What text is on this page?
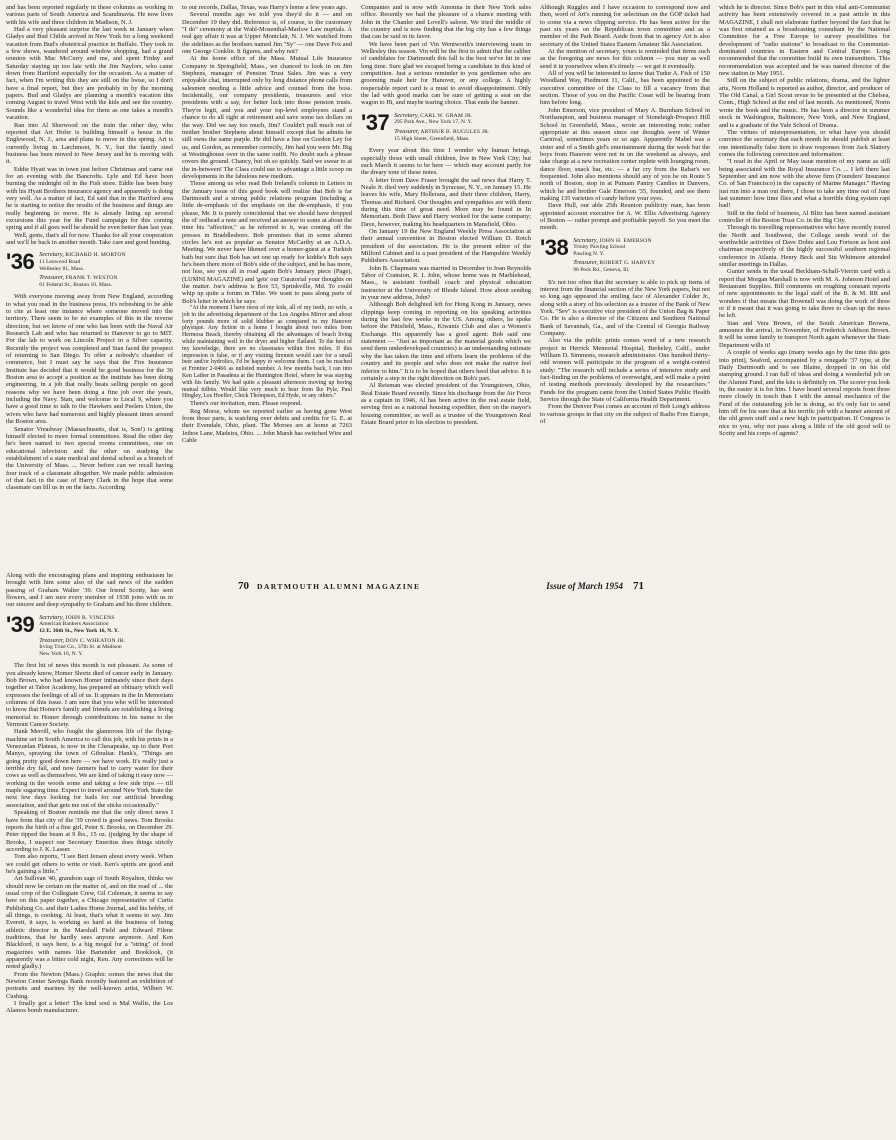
and has been reported regularly in these columns as working in various parts of South America and Scandinavia. He now lives with his wife and three children in Madison, N. J.

Had a very pleasant surprise the last week in January when Gladys and Bud Childs arrived in New York for a long weekend vacation from Bud's obstetrical practice in Buffalo. They took in a few shows, wandered around window shopping, had a grand reunion with Mac McCurry and me, and spent Friday and Saturday staying up too late with the Jim Naylors, who came down from Hartford especially for the occasion. As a matter of fact, when I'm writing this they are still on the loose, so I don't have a final report, but they are probably in by the morning papers. Bud and Gladys are planning a month's vacation this coming August to travel West with the kids and see the country. Sounds like a wonderful idea for them as one takes a month's vacation.

Ran into Al Sherwood on the train the other day, who reported that Art Hofer is building himself a house in the Englewood, N. J., area and plans to move in this spring. Art is currently living in Larchmont, N. Y., but the family steel business has been moved to New Jersey and he is moving with it.

Eddie Hyatt was in town just before Christmas and came out for an evening with the Bancrofts. Lyle and Ed have been burning the midnight oil in the Fish store. Eddie has been busy with his Hyatt Brothers insurance agency and apparently is doing very well. As a matter of fact, Ed said that in the Hartford area he is starting to notice the results of the business and things are really beginning to move. He is already lining up several excursions this year for the Fund campaign for this coming spring and if all goes well he should be even better than last year.

Well, gents, that's all for now. Thanks for all your cooperation and we'll be back in another month. Take care and good hunting.

'36 Secretary, RICHARD H. MORTON
11 Lenwood Road
Wellesley 81, Mass.
Treasurer, FRANK T. WESTON
61 Federal St., Boston 10, Mass.

With everyone moving away from New England, according to what you read in the business press, it's refreshing to be able to cite at least one instance where someone moved into the territory. There seem to be no examples of this in the reverse direction, but we know of one who has been with the Naval Air Research Lab and who has returned to Hanover to go to MIT. For the lab to work on Lincoln Project in a Silver capacity. Recently the project was completed and Stan faced the prospect of returning to San Diego. To offer a nobody's chamber of commerce, but I must say he says that the Fire Insurance Institute has decided that it would be good business for the 36 Boston area to accept a position as the institute has been doing engineering, in a job that really beats selling people on good reasons why we have been doing a fine job over the years, including the Navy. Stan, and welcome to Local 9, where you have a good time to talk to the Hawkers and Peelers Union, the wives who have had numerous and highly pleasant times around the Boston area.

Senator Vreadway (Massachusetts, that is, Son!) is getting himself elected to more formal committees. Read the other day he's been named to two special rooms committees, one on educational television and the other on studying the establishment of a state medical and dental school as a branch of the University of Mass. ... Never before can we recall having four track of a classmate altogether. We made public admission of that fact in the case of Harry Clark in the hope that some classmate can fill us in on the facts. According

to our records, Dallas, Texas, was Harry's home a few years ago.

Several months ago we told you they'd do it — and on December 19 they did. Reference is, of course, to the customary "I do" ceremony at the Wahl-Mosenthal-Marlow Law nuptials. A real gay affair it was at Upper Montclair, N. J. We watched from the sidelines as the brothers named Jim "Sy" — one Dave Fox and one George Conklin. It figures, and why not?

At the home office of the Mass. Mutual Life Insurance Company in Springfield, Mass., we chanced to look in on Jim Stephens, manager of Pension Trust Sales. Jim was a very enjoyable chat, interrupted only by long distance phone calls from salesmen needing a little advice and counsel from the boss. Incidentally, our company presidents, treasurers and vice presidents with a say, for better luck into those pension trusts. They're legit, and you and your top-level employees stand a chance to do all right at retirement and save some tax dollars on the way. Did we say too much, Jim? Couldn't pull much out of mother brother Stephens about himself except that he admits he still owns the same purple. He did have a line on Gordon Ley for us, and Gordon, as remember correctly, Jim had you were Mr. Big at Westinghouse over in the same outfit. No doubt such a phrase covers the ground. Chancy, but oh so quickly. Said we swear to at the in-between! The Class could use to advantage a little scoop on developments in the fabulous new medium.

Those among us who read Bob Ireland's column in Letters in the January issue of this good book will realize that Bob is far Dartmouth and a strong public relations program (including a little de-emphasis of the emphasis on the de-emphasis, if you please, Mr. It is purely coincidental that we should have dropped the ol' redhead a note and received an answer to some at about the time his "affection," as he referred to it, was coming off the presses in Braddlesboro. Bob promises that in some alumni circles he's not as popular as Senator McCarthy at an A.D.A. Meeting. We never have likened over a homer-guest at a Turkish bath but sure that Bob has set one up ready for kiddie's Bob says he's been there more of Bob's side of the subject, and he has more, not less, see you all in road again Bob's January piece (Page), (LUMNI MAGAZINE) and 'gets' our Curatorial your thoughts on the matter. Joe's address is Box 53, Sprinkville, Md. To could whip up quite a forum in Tithe. We want to pass along parts of Bob's letter in which he says:

"At the moment I have most of my kids, all of my teeth, no wife, a job in the advertising department of the Los Angeles Mirror and about forty pounds more of solid blubber as compared to my Hanover physique. Any fiction in a home I bought about two miles from Hermosa Beach, thereby obtaining all the advantages of beach living while maintaining well in the dryer and higher flatland. To the best of my knowledge, there are no classmates within five miles. If this impression is false, or if any visiting firemen would care for a small beer and/or hydrolics, I'd be happy to welcome them. I can be reached at Frontier 2-0466 as unlisted number. A few months back, I ran into Ken Lather in Pasadena at the Huntington Hotel, where he was staying with his family. We had quite a pleasant afternoon moving up boring mutual tidbits. Would like very much to hear from Ike Pyle, Paul Hingley, Les Hoeffer, Chick Thompson, Ed Hyde, or any others."

There's our invitation, men. Please respond.

Reg Morse, whom we reported earlier as having gone West from those parts, is watching over debits and credits for G. E. at their Evendale, Ohio, plant. The Morses are at home at 7263 Jethoe Lane, Madeira, Ohio. ... John Marsh has switched Wire and Cable

Companies and is now with Amomia in their New York sales office. Recently we had the pleasure of a chance meeting with John in the Chanler and Lovell's saloon. We tried the middle of the country and is now finding that the big city has a few things that can be said in its favor.

We have been part of Vin Wentworth's interviewing team in Wellesley this season. Vin will be the first to admit that the caliber of candidates for Dartmouth this fall is the best we've hit in one long time. Sure glad we escaped being a candidate in this kind of competition. Just a serious reminder to you gentlemen who are grooming male heir for Hanover, or any college. A highly respectable report card is a must to avoid disappointment. Only the lad with good marks can be sure of getting a seat on the wagon to Hi, and maybe tearing choice. That ends the banner.

'37 Secretary, CARL W. GRAM JR.
295 Park Ave., New York 17, N. Y.
Treasurer, ARTHUR B. RUGGLES JR.
15 High Street, Greenfield, Mass.

Every year about this time I wonder why human beings, especially those with small children, live in New York City; but each March it seems to be here — which may account partly for the dreary tone of these notes.

A letter from Dave Fraser brought the sad news that Harry T. Neale Jr. died very suddenly in Syracuse, N. Y., on January 15. He leaves his wife, Mary Hollerans, and their three children, Harry, Thomas and Richard. Our thoughts and sympathies are with them during this time of great need. More may be found in In Memoriam. Both Dave and Harry worked for the same company; Dave, however, making his headquarters in Mansfield, Ohio.

On January 19 the New England Weekly Press Association at their annual convention in Boston elected William D. Rotch president of the association. He is the present editor of the Milford Cabinet and is a past president of the Hampshire Weekly Publishers Association.

John B. Chapmans was married in December to Joan Reynolds Tabor of Cranston, R. I. John, whose home was in Marblehead, Mass., is assistant football coach and physical education instructor at the University of Rhode Island. How about sending in your new address, John?

Although Bob delighted left for Hong Kong in January, news clippings keep coming in reporting on his speaking activities during the last few weeks in the US. Among others, he spoke before the Pittsfield, Mass., Kiwanis Club and also a Women's Exchange. His apparently has a good agent: Bob said one statement — "Just as important as the material goods which we send them underdeveloped countries) is an understanding estimate why the has taken the time and efforts learn the problems of the country and its people and who does not make the native feel inferior to him." It is to be hoped that others heed that advice. It is certainly a step in the right direction on Bob's part.

Al Reisman was elected president of the Youngstown, Ohio, Real Estate Board recently. Since his discharge from the Air Force as a captain in 1946, Al has been active in the real estate field, serving first as a national housing expediter, then on the mayor's housing committee, as well as a trustee of the Youngstown Real Estate Board prior to his election to president.

Although Ruggles and I have occasion to correspond now and then, word of Art's running for selectman on the GOP ticket had to come via a news clipping service. He has been active for the past six years on the Republican town committee and as a member of the Park Board. Aside from that in agency Art is also secretary of the United States Eastern Amateur Ski Association.

At the mention of secretary, yours is reminded that items such as the foregoing are news for this column — you may as well send it in yourselves when it's timely — we get it eventually.

All of you will be interested to know that Tudor A. Fish of 150 Woodland Way, Piedmont 11, Calif., has been appointed to the executive committee of the Class to fill a vacancy from that section. Those of you on the Pacific Coast will be hearing from him before long.

John Emerson, vice president of Mary A. Burnham School in Northampton, and business manager of Stoneleigh-Prospect Hill School in Greenfield, Mass., wrote an interesting note; rather appropriate at this season since our thoughts were of Winter Carnival, sometimes years or so ago. Apparently Mabel was a sister and of a Smith girl's entertainment during the week but the boys from Hanover were not in on the weekend as always, and take charge at a new recreation center replete with lounging room, dance floor, snack bar, etc. — a far cry from the Rahar's we frequented. John also mentions should any of you be on Route 5 north of Boston, stop in at Putnam Pantry Candies in Danvers, which he and brother Gale Emerson '35, founded, and see them making 135 varieties of candy before your eyes.

Dave Hull, our able 25th Reunion publicity man, has been appointed account executive for A. W. Ellis Advertising Agency of Boston — rather prompt and profitable payoff. So you meet the month.

'38 Secretary, JOHN H. EMERSON
Trinity Pawling School
Pawling N. Y.
Treasurer, ROBERT G. HARVEY
98 Peck Rd., Geneva, Ill.

It's not too often that the secretary is able to pick up items of interest from the financial section of the New York papers, but not so long ago appeared the smiling face of Alexander Colder Jr., along with a story of his selection as a trustee of the Bank of New York. "Sev" is executive vice president of the Union Bag & Paper Co. He is also a director of the Citizens and Southern National Bank of Savannah, Ga., and of the Central of Georgia Railway Company.

Also via the public prints comes word of a new research project in Herrick Memorial Hospital, Berkeley, Calif., under William D. Simmons, research administrator. One hundred thirty-odd women will participate in the program of a weight-control study: "The research will include a series of intensive study and fact-finding on the problems of overweight, and will make a point of testing methods previously developed by the researchers." Funds for the program came from the United States Public Health Service through the State of California Health Department.

From the Denver Post comes an account of Bob Long's address to various groups in that city on the subject of Radio Free Europe, of

which he is director. Since Bob's part in this vital anti-Communist activity has been extensively covered in a past article in this MAGAZINE, I shall not elaborate further beyond the fact that he was first retained as a broadcasting consultant by the National Committee for a Free Europe to survey possibilities for development of "radio stations" to broadcast to the Communist-dominated countries in Eastern and Central Europe. Long recommended that the committee build its own transmitters. This recommendation was accepted and he was named director of the new station in May 1951.

Still on the subject of public relations, drama, and the lighter arts, Norm Holland is reported as author, director, and producer of The Old Canal, a Girl Scout revue to be presented at the Chelsea, Conn., High School at the end of last month. As mentioned, Norm wrote the book and the music. He has been a director in summer stock in Washington, Baltimore, New York, and New England, and is a graduate of the Yale School of Drama.

The virtues of misrepresentation, or what have you should convince the secretary that each month he should publish at least one intentionally false item to draw responses from Jack Slattery comes the following correction and information:

"I read in the April or May issue mention of my name as still being associated with the Royal Insurance Co. ... I left there last September and am now with the above firm (Founders' Insurance Co. of San Francisco) in the capacity of Marine Manager." Having just run into a man out there, I chose to take any time out of June last summer: how time flies and what a horrible thing system rapt had!

Still in the field of business, Al Blitz has been named assistant controller of the Boston Trust Co. in the Big City.

Through its travelling representatives who have recently toured the North and Southwest, the College sends word of the worthwhile activities of Dave Dobie and Lou Fortson as host and chairman respectively of the highly successful southern regional conference in Atlanta. Henry Beck and Stu Whitmore attended similar meetings in Dallas.

Gunter sends in the usual Beckham-Schall-Vierrin card with a report that Morgan Marshall is now with M. A. Johnson Hotel and Restaurant Supplies. Bill comments on roughing constant reports of new appointments to the legal staff of the B. & M. RR and wonders if that means that Brownell was doing the work of three or if it meant that it was going to take three to clean up the mess he left.

Stan and Vera Brown, of the South American Browns, announce the arrival, in November, of Frederick Addison Brown. It will be some family to transport North again whenever the State Department wills it!

A couple of weeks ago (many weeks ago by the time this gets into print), Seaford, accompanied by a renegade '37 type, at the Daily Dartmouth and to see Blaine, dropped in on his old stamping ground. I ran full of ideas and doing a wonderful job on the Alumni Fund, and the kits is definitely on. The scorer you look in, the easier it is for him. I have heard several reports from three more closely in touch than I with the annual mechanics of the Fund of the outstanding job he is doing, so it's only fair to send him off for his sure that at his terrific job with a banner amount of the old green stuff and a new high in participation. If Congress is nice to you, why not pass along a little of the old good will to Scotty and his corps of agents?

Along with the encouraging plans and inspiring enthusiasm he brought with him some also of the sad news of the sudden passing of Graham Walter '39. Our friend Scotty, has sent flowers, and I am sure every member of 1938 joins with us in our sincere and deep sympathy to Graham and his three children.

'39 Secretary, JOHN R. VINCENS
American Bankers Association
12 E. 36th St., New York 16, N. Y.
Treasurer, DON C. WHEATON JR.
Irving Trust Co., 37th St. at Madison
New York 16, N. Y.

The first hit of news this month is not pleasant. As some of you already know, Homer Shortz died of cancer early in January. Bob Brown, who had known Homer intimately since their days together at Tabor Academy, has prepared an obituary which well expresses the feelings of all of us. It appears in the In Memoriam columns of this issue. I am sure that you who will be interested to know that Homer's family and friends are establishing a living memorial to Homer through contributions in his name to the Vermont Cancer Society.

Hank Merrill, who fought the glamorous life of the flying-machine set in South America to call this job, with his prints in a Venezuelan Plateau, is now in the Chesapeake, up to their Port Manyo, spraying the town of Gibraltar. Hank's, "Things are going pretty good down here — we have work. It's really just a terrible dry fall, and now farmers had to carry water for their cows as well as themselves. We are kind of taking it easy now — working in the woods some and taking a few side trips — till maple sugaring time. Expect to travel around New York State the next few days looking for bails for our artificial breeding association, and that gets me out of the sticks occasionally."

Speaking of Boston reminds me that the only direct news I have from that city of the '39 crowd is good news. Tom Brooks reports the birth of a fine girl, Peter S. Brooks, on December 29. Peter tipped the beam at 9 lbs., 15 oz. (judging by the shape of Brooks, I suspect our Secretary Emeritus does things strictly according to J. K. Lasser.

Tom also reports, "I see Bert Jensen about every week. When we could get others to write or visit. Ken's spirits are good and he's gaining a little."

Art Sullivan '40, grandson sage of South Royalton, thinks we should now be certain on the matter of, and on the road of ... the usual crop of the Collegiate Crew, Gil Coleman, it seems to say here on this paper together, a Chicago representative of Curtis Publishing Co. and their Ladies Home Journal, and his hobby, of all things, is cooking. At least, that's what it seems to say. Jim Everett, it says, is working so hard at the business of being athletic director in the Marshall Field and Edward Filene traditions, that he hardly sees anyone anymore. And Ken Blackford, it says here, is a big mogul for a "string" of food magazines with names like Bartender and Booklook, (it apparently was a bitter cold night, Ken. Any corrections will be noted gladly.)

From the Newton (Mass.) Graphic comes the news that the Newton Center Savings Bank recently featured an exhibition of portraits and marines by the well-known artist, Wilbert W. Cushing.

I finally got a letter! The kind soul is Mal Wallis, the Los Alamos bomb manufacturer.

70 DARTMOUTH ALUMNI MAGAZINE	Issue of March 1954 71
